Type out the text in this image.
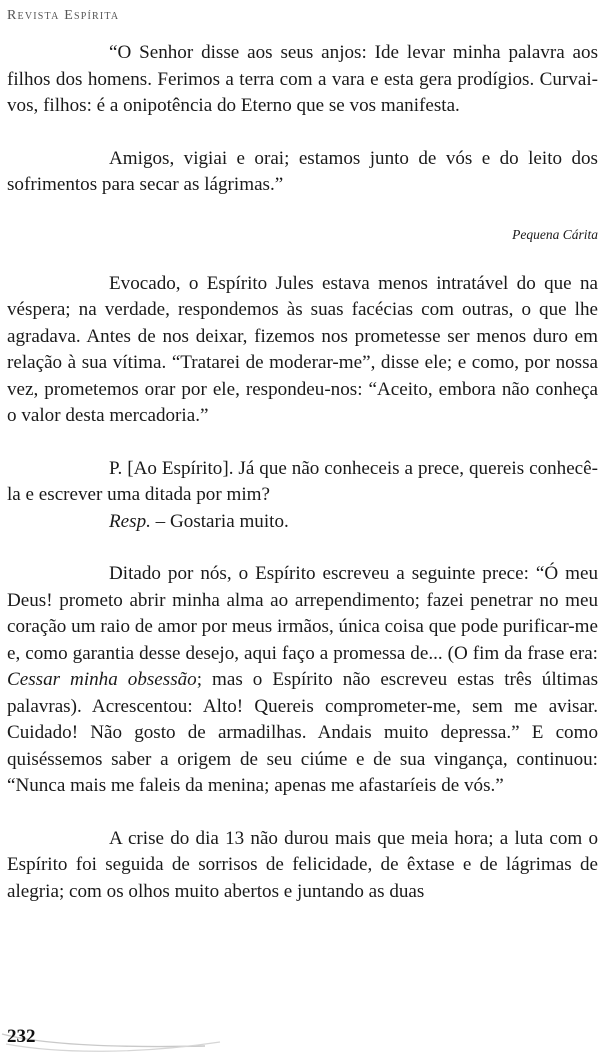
Revista Espírita

“O Senhor disse aos seus anjos: Ide levar minha palavra aos filhos dos homens. Ferimos a terra com a vara e esta gera prodígios. Curvai-vos, filhos: é a onipotência do Eterno que se vos manifesta.

Amigos, vigiai e orai; estamos junto de vós e do leito dos sofrimentos para secar as lágrimas.”

Pequena Cárita

Evocado, o Espírito Jules estava menos intratável do que na véspera; na verdade, respondemos às suas facécias com outras, o que lhe agradava. Antes de nos deixar, fizemos nos prometesse ser menos duro em relação à sua vítima. “Tratarei de moderar-me”, disse ele; e como, por nossa vez, prometemos orar por ele, respondeu-nos: “Aceito, embora não conheça o valor desta mercadoria.”

P. [Ao Espírito]. Já que não conheceis a prece, quereis conhecê-la e escrever uma ditada por mim?

Resp. – Gostaria muito.

Ditado por nós, o Espírito escreveu a seguinte prece: “Ó meu Deus! prometo abrir minha alma ao arrependimento; fazei penetrar no meu coração um raio de amor por meus irmãos, única coisa que pode purificar-me e, como garantia desse desejo, aqui faço a promessa de... (O fim da frase era: Cessar minha obsessão; mas o Espírito não escreveu estas três últimas palavras). Acrescentou: Alto! Quereis comprometer-me, sem me avisar. Cuidado! Não gosto de armadilhas. Andais muito depressa.” E como quiséssemos saber a origem de seu ciúme e de sua vingança, continuou: “Nunca mais me faleis da menina; apenas me afastaríeis de vós.”

A crise do dia 13 não durou mais que meia hora; a luta com o Espírito foi seguida de sorrisos de felicidade, de êxtase e de lágrimas de alegria; com os olhos muito abertos e juntando as duas

232
